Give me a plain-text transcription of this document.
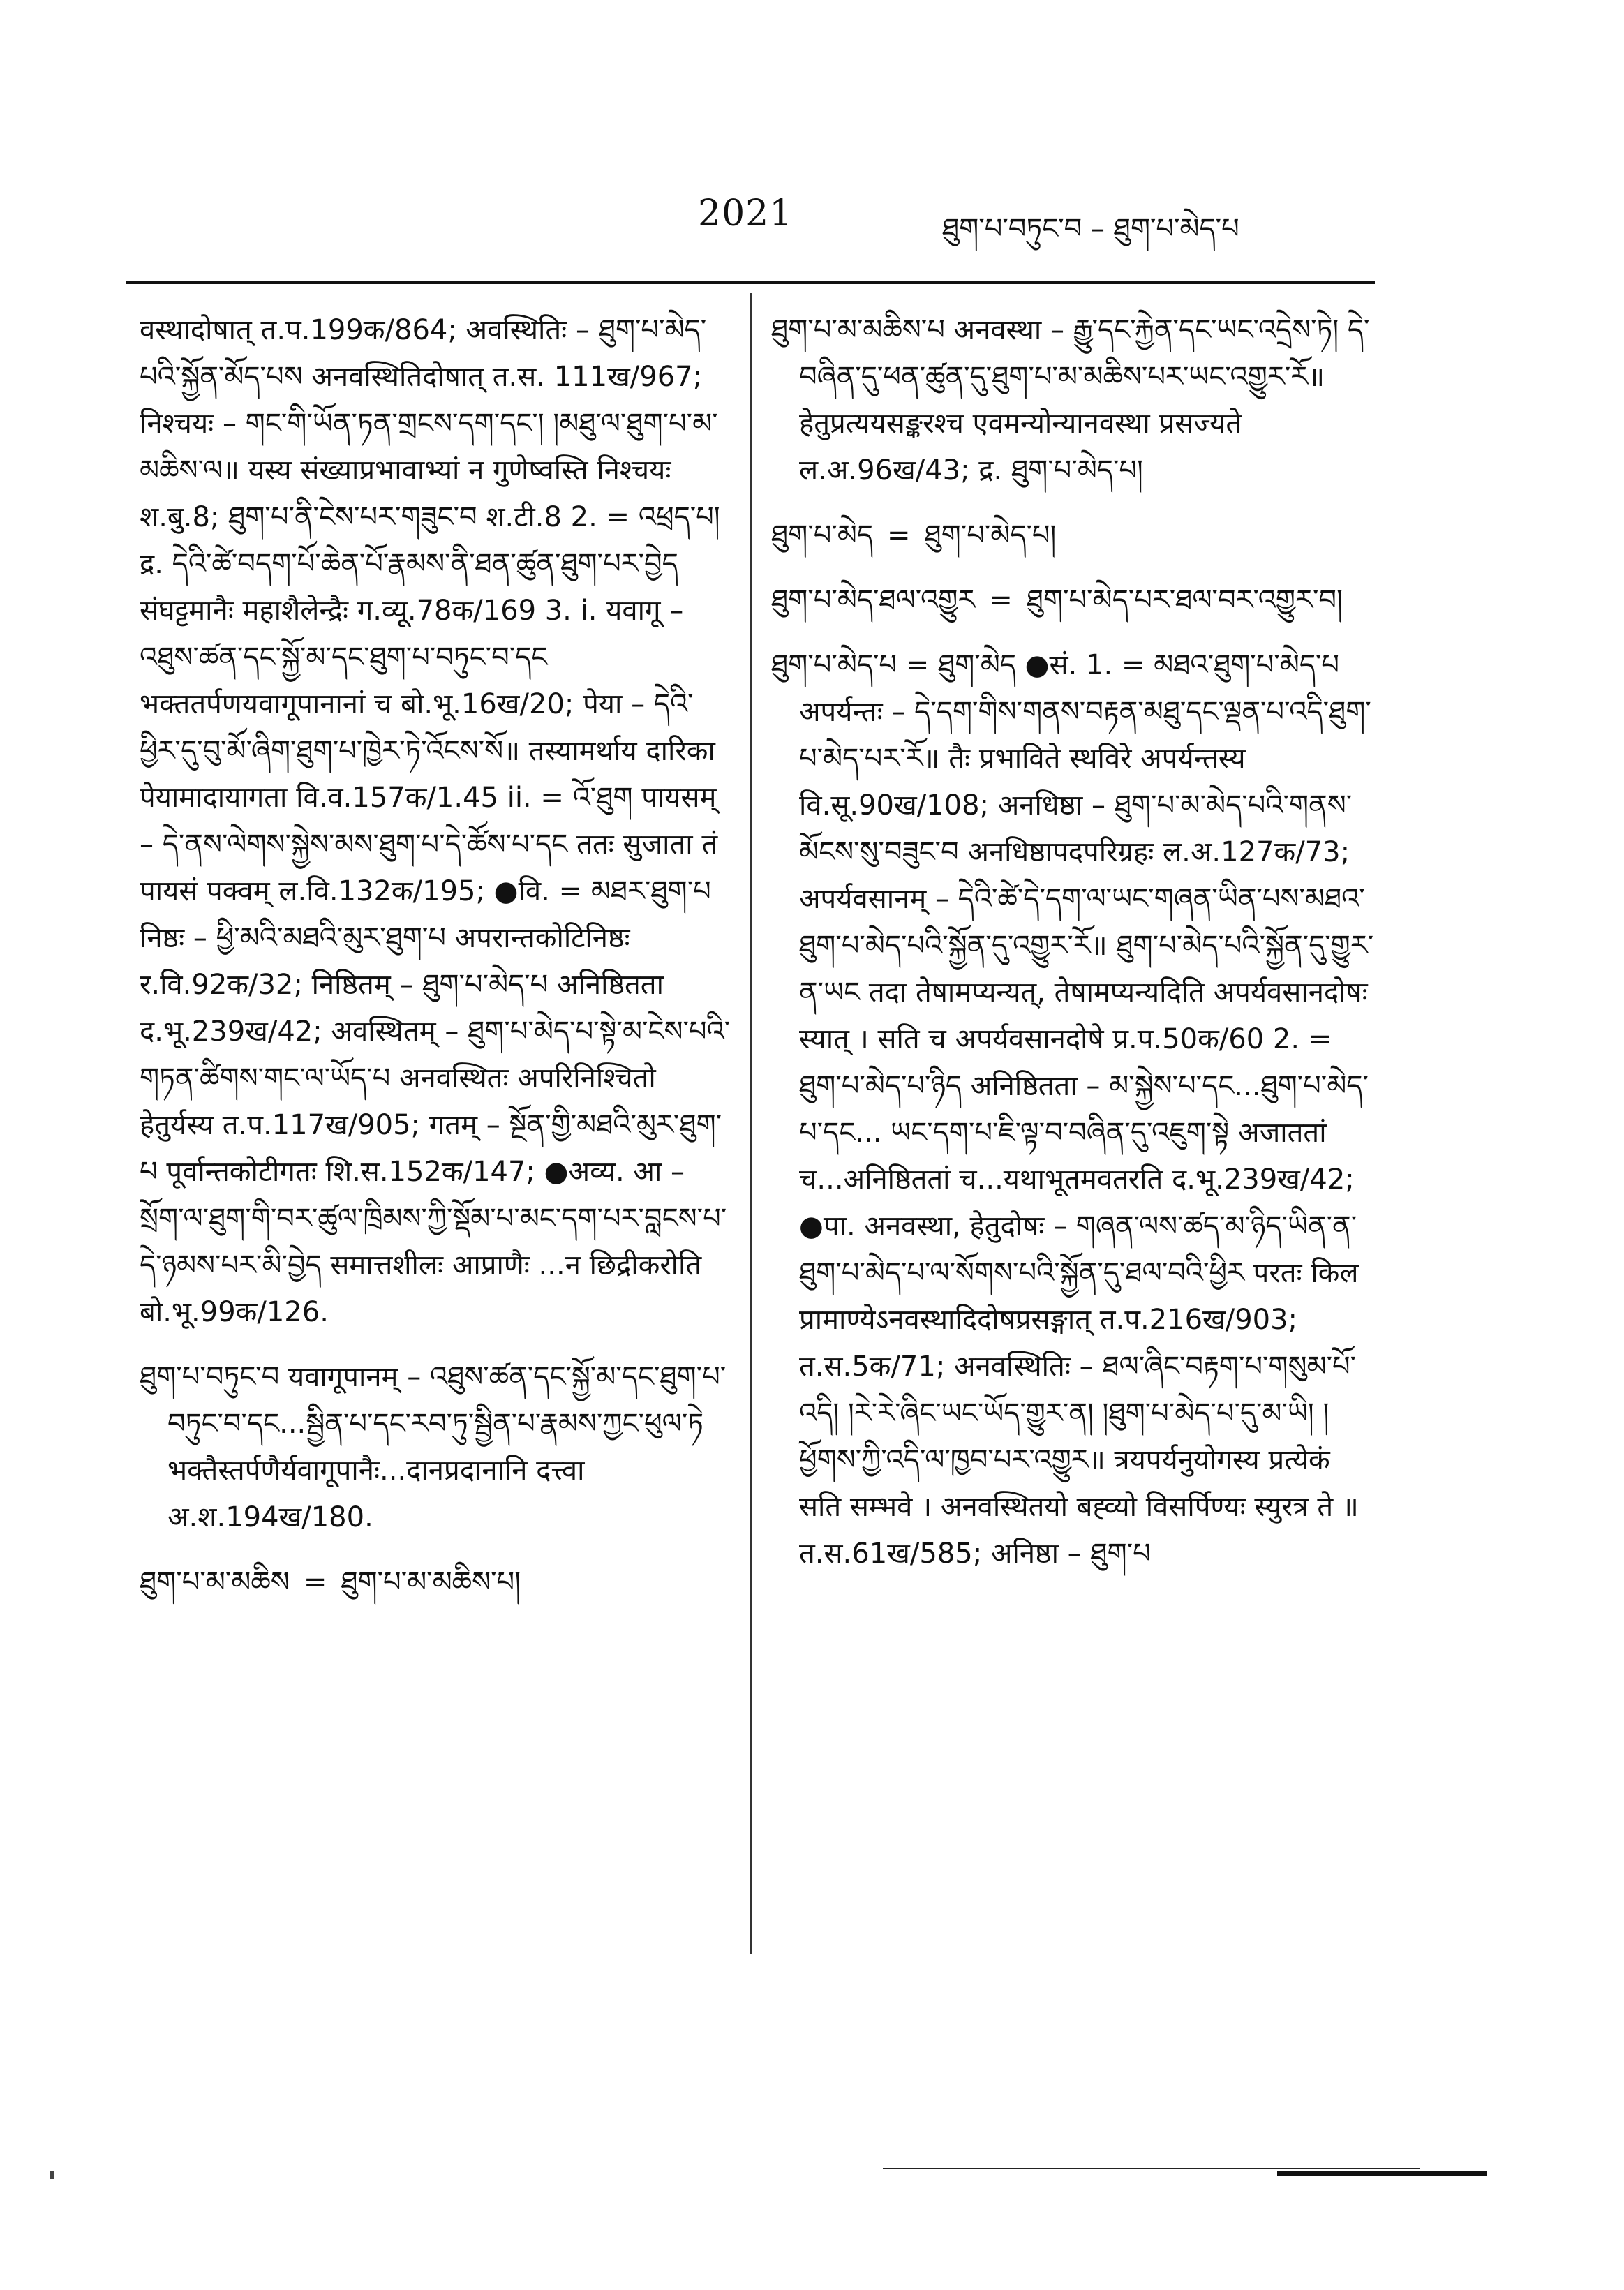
2021	ཐུག་པ་བཏུང་བ – ཐུག་པ་མེད་པ

वस्थादोषात् त.प.199क/864; अवस्थितिः – ཐུག་པ་མེད་པའི་སྐྱོན་མོད་པས अनवस्थितिदोषात् त.स. 111ख/967; निश्चयः – གང་གི་ཡོན་ཏན་གྲངས་དག་དང་། །མཐུ་ལ་ཐུག་པ་མ་མཆིས་ལ॥ यस्य संख्याप्रभावाभ्यां न गुणेष्वस्ति निश्चयः श.बु.8; ཐུག་པ་ནི་ངེས་པར་གཟུང་བ श.टी.8 2. = འཕྲད་པ། द्र. དེའི་ཚེ་བདག་པོ་ཆེན་པོ་རྣམས་ནི་ཐན་ཚུན་ཐུག་པར་བྱེད संघट्टमानैः महाशैलेन्द्रैः ग.व्यू.78क/169 3. i. यवागू – འཐུས་ཚན་དང་སྐྱོ་མ་དང་ཐུག་པ་བཏུང་བ་དང भक्ततर्पणयवागूपानानां च बो.भू.16ख/20; पेया – དེའི་ཕྱིར་དུ་བུ་མོ་ཞིག་ཐུག་པ་ཁྱེར་ཏེ་འོངས་སོ॥ तस्यामर्थाय दारिका पेयामादायागता वि.व.157क/1.45 ii. = འོ་ཐུག पायसम् – དེ་ནས་ལེགས་སྐྱེས་མས་ཐུག་པ་དེ་ཚོས་པ་དང ततः सुजाता तं पायसं पक्वम् ल.वि.132क/195; ●वि. = མཐར་ཐུག་པ निष्ठः – ཕྱི་མའི་མཐའི་མུར་ཐུག་པ अपरान्तकोटिनिष्ठः र.वि.92क/32; निष्ठितम् – ཐུག་པ་མེད་པ अनिष्ठितता द.भू.239ख/42; अवस्थितम् – ཐུག་པ་མེད་པ་སྟེ་མ་ངེས་པའི་གཏན་ཚིགས་གང་ལ་ཡོད་པ अनवस्थितः अपरिनिश्चितो हेतुर्यस्य त.प.117ख/905; गतम् – སྔོན་གྱི་མཐའི་མུར་ཐུག་པ पूर्वान्तकोटीगतः शि.स.152क/147; ●अव्य. आ – སྲོག་ལ་ཐུག་གི་བར་ཚུལ་ཁྲིམས་ཀྱི་སྡོམ་པ་མང་དག་པར་བླངས་པ་དེ་ཉམས་པར་མི་བྱེད समात्तशीलः आप्राणैः ...न छिद्रीकरोति बो.भू.99क/126.

ཐུག་པ་བཏུང་བ यवागूपानम् – འཐུས་ཚན་དང་སྐྱོ་མ་དང་ཐུག་པ་བཏུང་བ་དང...སྦྱིན་པ་དང་རབ་ཏུ་སྦྱིན་པ་རྣམས་ཀྱང་ཕུལ་ཏེ भक्तैस्तर्पणैर्यवागूपानैः...दानप्रदानानि दत्त्वा अ.श.194ख/180.

ཐུག་པ་མ་མཆིས = ཐུག་པ་མ་མཆིས་པ།

ཐུག་པ་མ་མཆིས་པ अनवस्था – རྒྱུ་དང་རྐྱེན་དང་ཡང་འདྲེས་ཏེ། དེ་བཞིན་དུ་ཕན་ཚུན་དུ་ཐུག་པ་མ་མཆིས་པར་ཡང་འགྱུར་རོ॥ हेतुप्रत्ययसङ्करश्च एवमन्योन्यानवस्था प्रसज्यते ल.अ.96ख/43; द्र. ཐུག་པ་མེད་པ།

ཐུག་པ་མེད = ཐུག་པ་མེད་པ།
ཐུག་པ་མེད་ཐལ་འགྱུར = ཐུག་པ་མེད་པར་ཐལ་བར་འགྱུར་བ།

ཐུག་པ་མེད་པ = ཐུག་མེད ●सं. 1. = མཐའ་ཐུག་པ་མེད་པ अपर्यन्तः – དེ་དག་གིས་གནས་བརྟན་མཐུ་དང་ལྡན་པ་འདི་ཐུག་པ་མེད་པར་རོ॥ तैः प्रभाविते स्थविरे अपर्यन्तस्य वि.सू.90ख/108; अनधिष्ठा – ཐུག་པ་མ་མེད་པའི་གནས་མོངས་སུ་བཟུང་བ अनधिष्ठापदपरिग्रहः ल.अ.127क/73; अपर्यवसानम् – དེའི་ཚེ་དེ་དག་ལ་ཡང་གཞན་ཡིན་པས་མཐའ་ཐུག་པ་མེད་པའི་སྐྱོན་དུ་འགྱུར་རོ॥ ཐུག་པ་མེད་པའི་སྐྱོན་དུ་གྱུར་ན་ཡང तदा तेषामप्यन्यत्, तेषामप्यन्यदिति अपर्यवसानदोषः स्यात् । सति च अपर्यवसानदोषे प्र.प.50क/60 2. = ཐུག་པ་མེད་པ་ཉིད अनिष्ठितता – མ་སྐྱེས་པ་དང...ཐུག་པ་མེད་པ་དང... ཡང་དག་པ་ཇི་ལྟ་བ་བཞིན་དུ་འཇུག་སྟེ अजाततां च...अनिष्ठिततां च...यथाभूतमवतरति द.भू.239ख/42; ●पा. अनवस्था, हेतुदोषः – གཞན་ལས་ཚད་མ་ཉིད་ཡིན་ན་ཐུག་པ་མེད་པ་ལ་སོགས་པའི་སྐྱོན་དུ་ཐལ་བའི་ཕྱིར परतः किल प्रामाण्येऽनवस्थादिदोषप्रसङ्गात् त.प.216ख/903; त.स.5क/71; अनवस्थितिः – ཐལ་ཞིང་བརྟག་པ་གསུམ་པོ་འདི། །རེ་རེ་ཞིང་ཡང་ཡོད་གྱུར་ན། །ཐུག་པ་མེད་པ་དུ་མ་ཡི། །ཕྱོགས་ཀྱི་འདི་ལ་ཁྱབ་པར་འགྱུར॥ त्रयपर्यनुयोगस्य प्रत्येकं सति सम्भवे । अनवस्थितयो बह्व्यो विसर्पिण्यः स्युरत्र ते ॥ त.स.61ख/585; अनिष्ठा – ཐུག་པ
